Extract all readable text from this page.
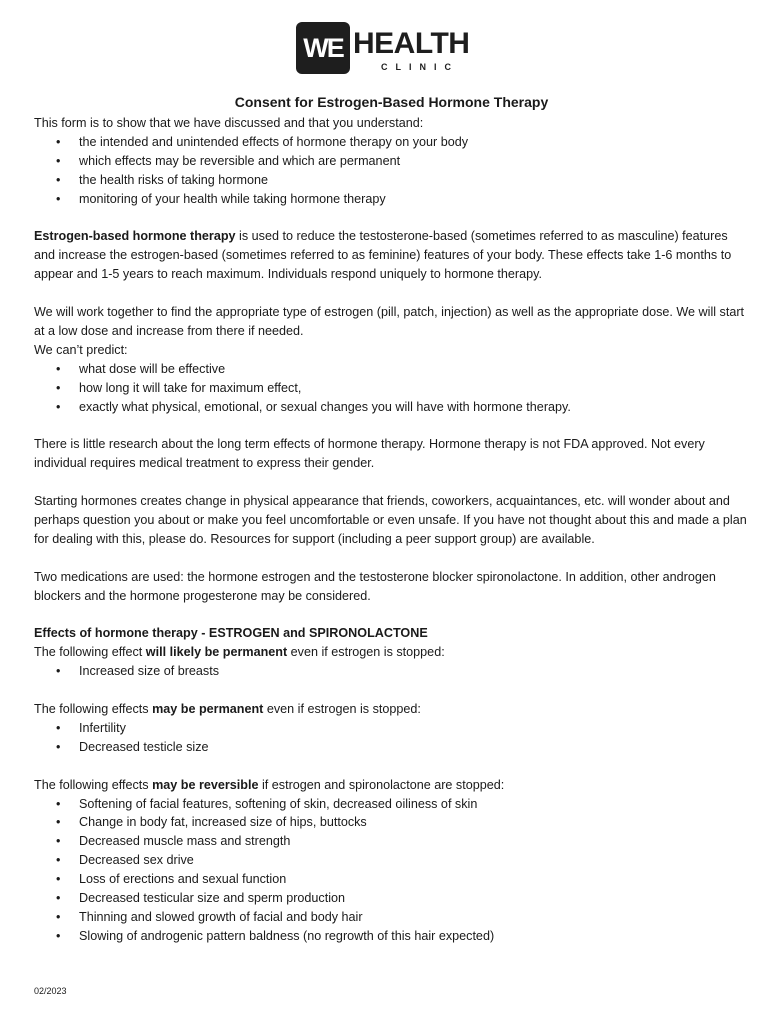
WE HEALTH
CLINIC
Consent for Estrogen-Based Hormone Therapy

This form is to show that we have discussed and that you understand:

• the intended and unintended effects of hormone therapy on your body
• which effects may be reversible and which are permanent
• the health risks of taking hormone
• monitoring of your health while taking hormone therapy

Estrogen-based hormone therapy is used to reduce the testosterone-based (sometimes referred to as masculine) features and increase the estrogen-based (sometimes referred to as feminine) features of your body. These effects take 1-6 months to appear and 1-5 years to reach maximum. Individuals respond uniquely to hormone therapy.

We will work together to find the appropriate type of estrogen (pill, patch, injection) as well as the appropriate dose. We will start at a low dose and increase from there if needed.

We can’t predict:

• what dose will be effective
• how long it will take for maximum effect,
• exactly what physical, emotional, or sexual changes you will have with hormone therapy.

There is little research about the long term effects of hormone therapy. Hormone therapy is not FDA approved. Not every individual requires medical treatment to express their gender.

Starting hormones creates change in physical appearance that friends, coworkers, acquaintances, etc. will wonder about and perhaps question you about or make you feel uncomfortable or even unsafe. If you have not thought about this and made a plan for dealing with this, please do. Resources for support (including a peer support group) are available.

Two medications are used: the hormone estrogen and the testosterone blocker spironolactone. In addition, other androgen blockers and the hormone progesterone may be considered.

Effects of hormone therapy - ESTROGEN and SPIRONOLACTONE

The following effect will likely be permanent even if estrogen is stopped:

• Increased size of breasts

The following effects may be permanent even if estrogen is stopped:

• Infertility
• Decreased testicle size

The following effects may be reversible if estrogen and spironolactone are stopped:

• Softening of facial features, softening of skin, decreased oiliness of skin
• Change in body fat, increased size of hips, buttocks
• Decreased muscle mass and strength
• Decreased sex drive
• Loss of erections and sexual function
• Decreased testicular size and sperm production
• Thinning and slowed growth of facial and body hair
• Slowing of androgenic pattern baldness (no regrowth of this hair expected)
02/2023
